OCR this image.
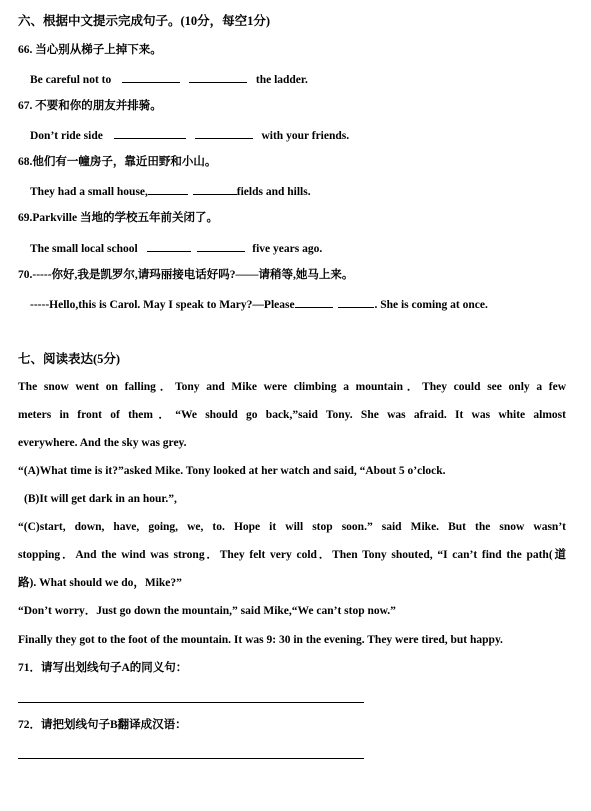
六、根据中文提示完成句子。(10分，每空1分)
66. 当心别从梯子上掉下来。
Be careful not to	the ladder.
67. 不要和你的朋友并排骑。
Don’t ride side	with your friends.
68.他们有一幢房子，靠近田野和小山。
They had a small house,	fields and hills.
69.Parkville 当地的学校五年前关闭了。
The small local school	five years ago.
70.-----你好,我是凯罗尔,请玛丽接电话好吗?——请稍等,她马上来。
-----Hello,this is Carol. May I speak to Mary?—Please	. She is coming at once.
七、阅读表达(5分)
The snow went on falling．Tony and Mike were climbing a mountain．They could see only a few
meters in front of them．“We should go back,”said Tony. She was afraid. It was white almost
everywhere. And the sky was grey.
“(A)What time is it?”asked Mike. Tony looked at her watch and said, “About 5 o’clock.
(B)It will get dark in an hour.”,
“(C)start, down, have, going, we, to. Hope it will stop soon.” said Mike. But the snow wasn’t
stopping．And the wind was strong．They felt very cold．Then Tony shouted, “I can’t find the path(道
路). What should we do，Mike?”
“Don’t worry．Just go down the mountain,” said Mike,“We can’t stop now.”
Finally they got to the foot of the mountain. It was 9: 30 in the evening. They were tired, but happy.
71．请写出划线句子A的同义句：
72．请把划线句子B翻译成汉语：
